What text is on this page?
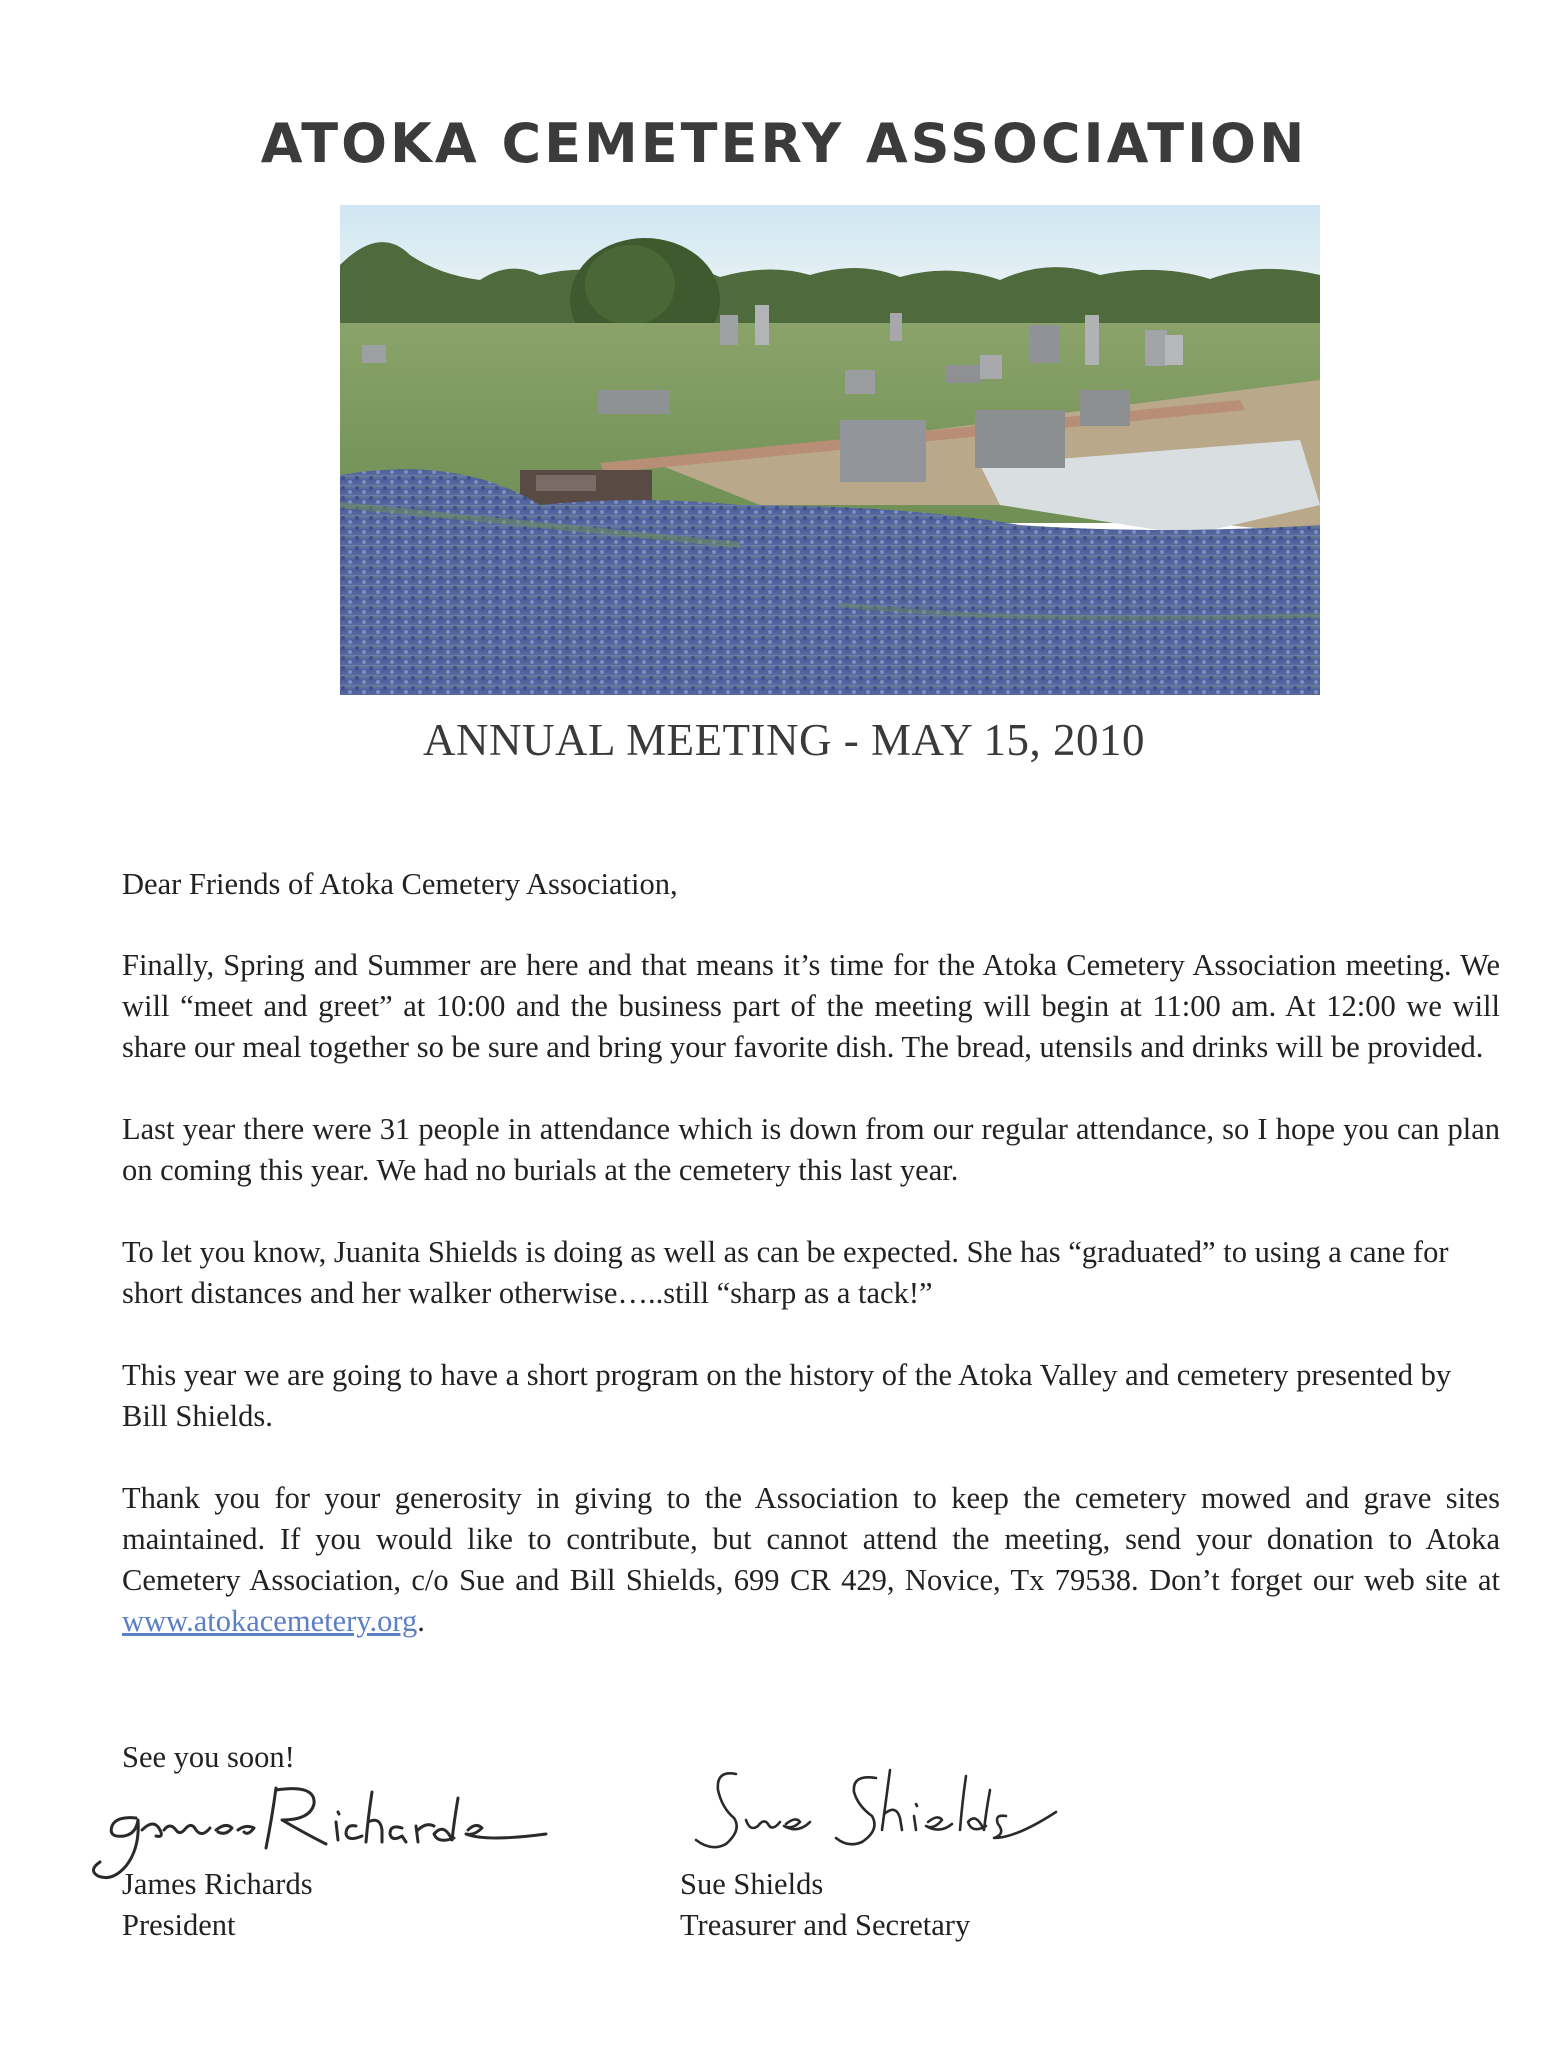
ATOKA CEMETERY ASSOCIATION
ANNUAL MEETING - MAY 15, 2010

Dear Friends of Atoka Cemetery Association,

Finally, Spring and Summer are here and that means it’s time for the Atoka Cemetery Association meeting. We will “meet and greet” at 10:00 and the business part of the meeting will begin at 11:00 am. At 12:00 we will share our meal together so be sure and bring your favorite dish. The bread, utensils and drinks will be provided.

Last year there were 31 people in attendance which is down from our regular attendance, so I hope you can plan on coming this year. We had no burials at the cemetery this last year.

To let you know, Juanita Shields is doing as well as can be expected. She has “graduated” to using a cane for short distances and her walker otherwise…..still “sharp as a tack!”

This year we are going to have a short program on the history of the Atoka Valley and cemetery presented by Bill Shields.

Thank you for your generosity in giving to the Association to keep the cemetery mowed and grave sites maintained. If you would like to contribute, but cannot attend the meeting, send your donation to Atoka Cemetery Association, c/o Sue and Bill Shields, 699 CR 429, Novice, Tx 79538. Don’t forget our web site at www.atokacemetery.org.

See you soon!
James Richards
President
Sue Shields
Treasurer and Secretary
